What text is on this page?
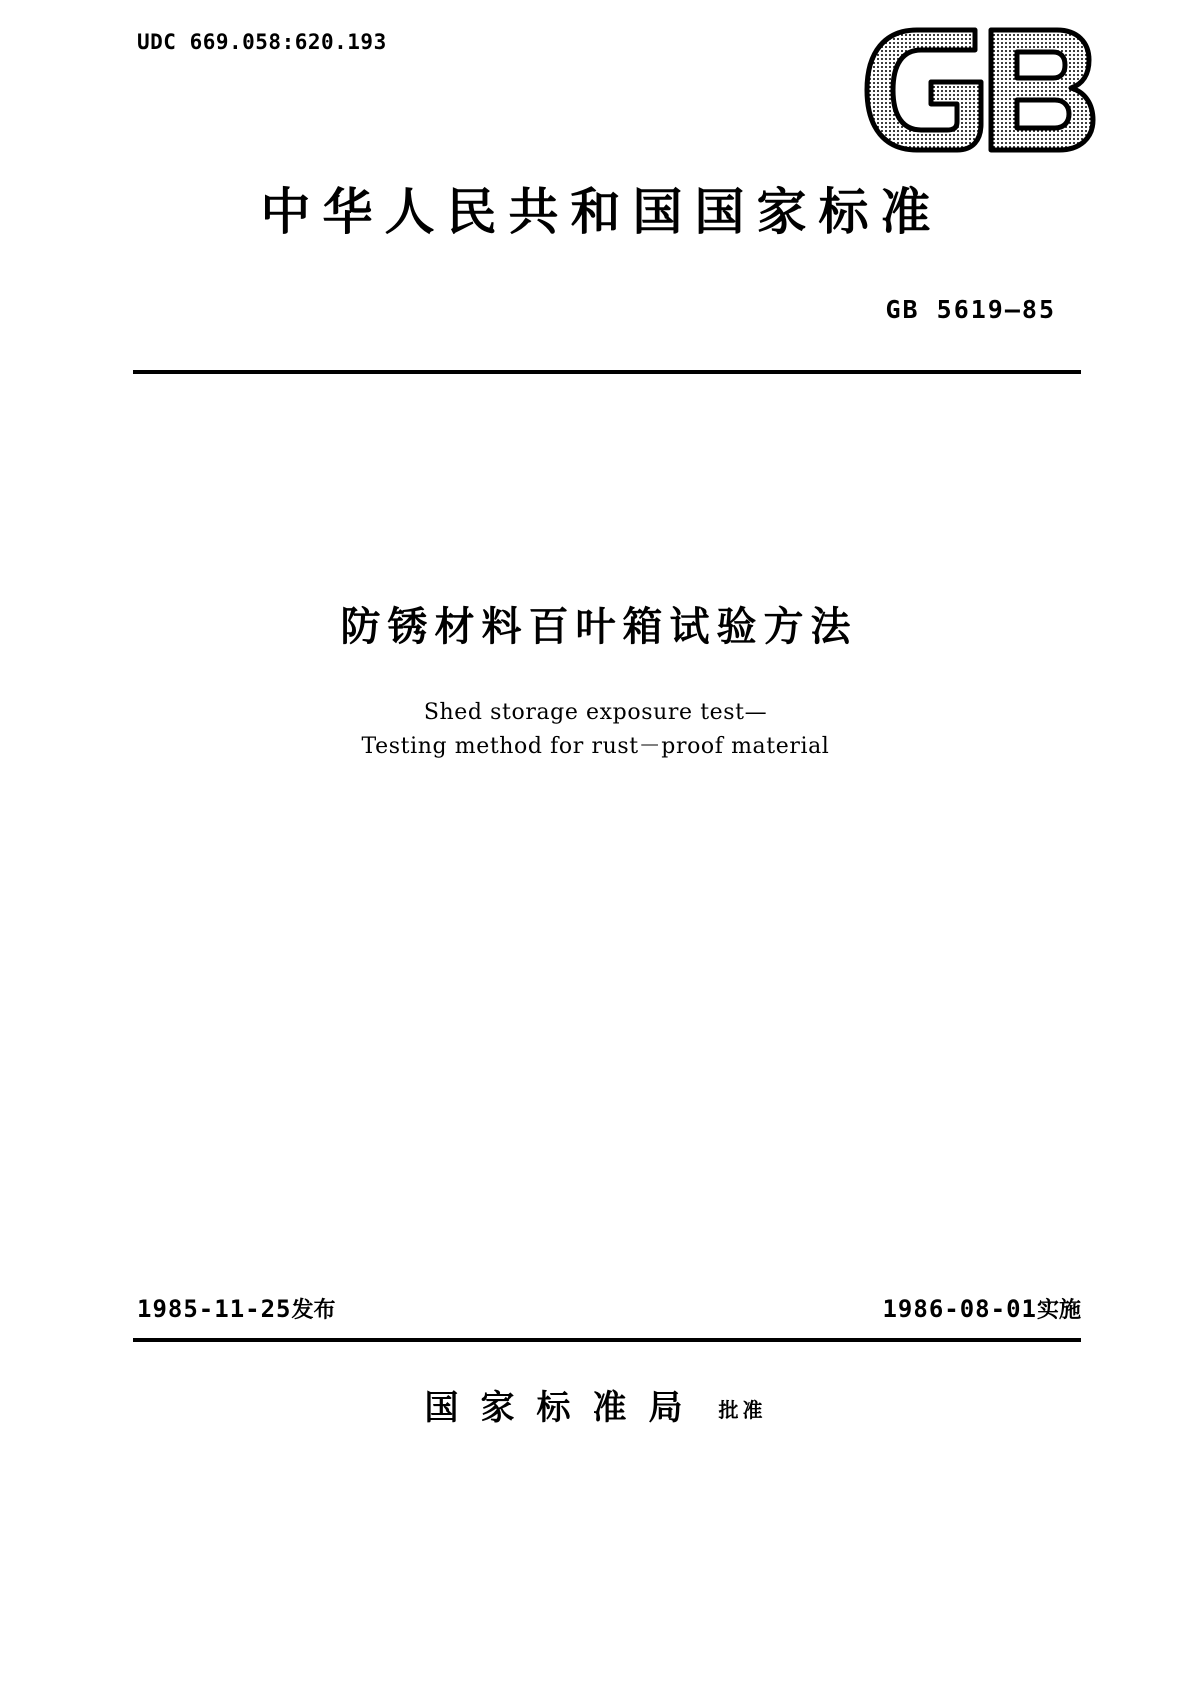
UDC 669.058:620.193
中华人民共和国国家标准
GB 5619—85
防锈材料百叶箱试验方法
Shed storage exposure test—
Testing method for rust－proof material
1985-11-25发布	1986-08-01实施
国家标准局 批准
